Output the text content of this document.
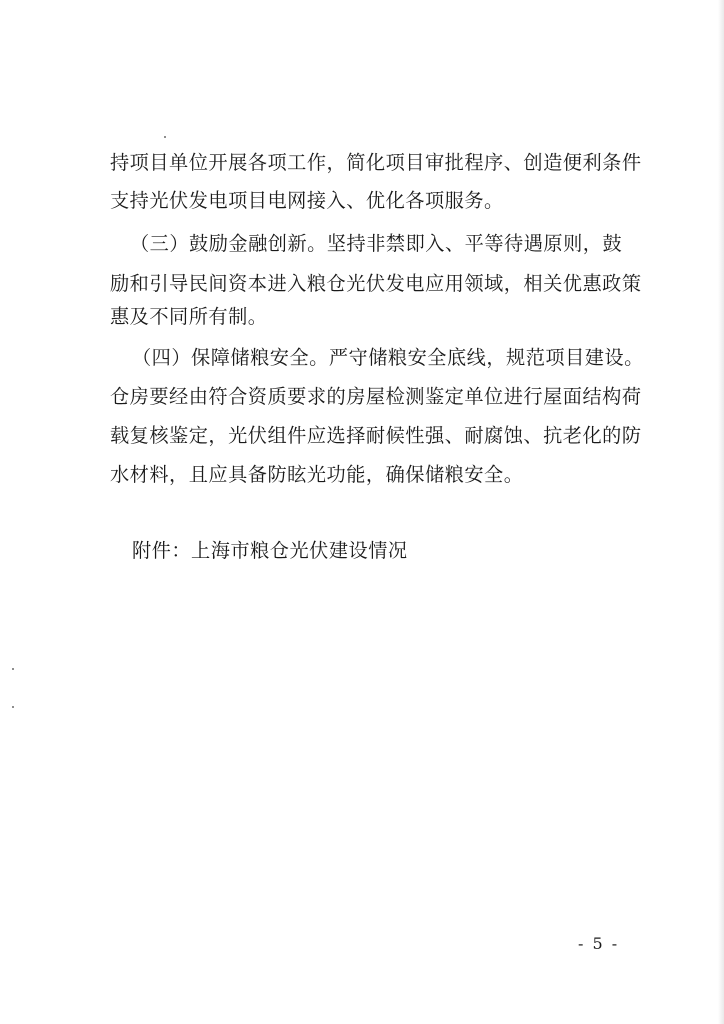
持项目单位开展各项工作，简化项目审批程序、创造便利条件
支持光伏发电项目电网接入、优化各项服务。
（三）鼓励金融创新。坚持非禁即入、平等待遇原则，鼓
励和引导民间资本进入粮仓光伏发电应用领域，相关优惠政策
惠及不同所有制。
（四）保障储粮安全。严守储粮安全底线，规范项目建设。
仓房要经由符合资质要求的房屋检测鉴定单位进行屋面结构荷
载复核鉴定，光伏组件应选择耐候性强、耐腐蚀、抗老化的防
水材料，且应具备防眩光功能，确保储粮安全。
附件：上海市粮仓光伏建设情况
- 5 -
